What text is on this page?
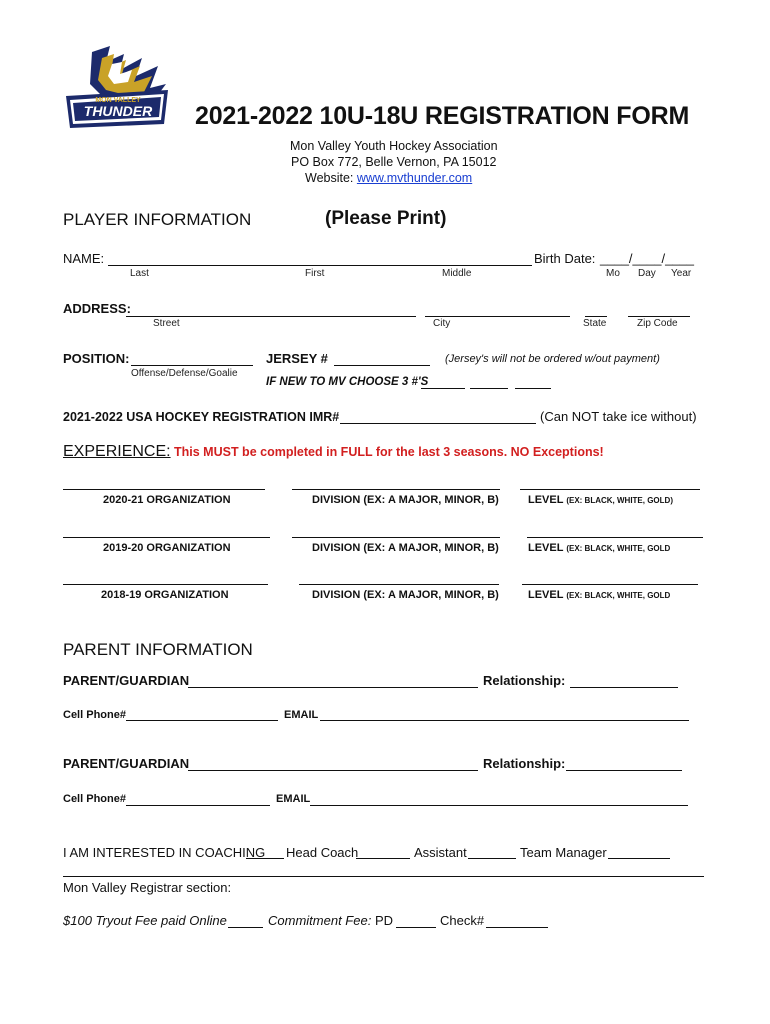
MON VALLEY
THUNDER 2021-2022 10U-18U REGISTRATION FORM
Mon Valley Youth Hockey Association
PO Box 772, Belle Vernon, PA 15012
Website: www.mvthunder.com
PLAYER INFORMATION	(Please Print)
NAME:	Birth Date: ____/____/____
Last	First	Middle	Mo Day Year
ADDRESS:
Street	City	State	Zip Code
POSITION:
Offense/Defense/Goalie
JERSEY #	(Jersey's will not be ordered w/out payment)
IF NEW TO MV CHOOSE 3 #'S
2021-2022 USA HOCKEY REGISTRATION IMR#	(Can NOT take ice without)
EXPERIENCE: This MUST be completed in FULL for the last 3 seasons. NO Exceptions!
2020-21 ORGANIZATION	DIVISION (EX: A MAJOR, MINOR, B)	LEVEL (EX: BLACK, WHITE, GOLD)
2019-20 ORGANIZATION	DIVISION (EX: A MAJOR, MINOR, B)	LEVEL (EX: BLACK, WHITE, GOLD
2018-19 ORGANIZATION	DIVISION (EX: A MAJOR, MINOR, B)	LEVEL (EX: BLACK, WHITE, GOLD
PARENT INFORMATION
PARENT/GUARDIAN	Relationship:
Cell Phone#	EMAIL
PARENT/GUARDIAN	Relationship:
Cell Phone#	EMAIL
I AM INTERESTED IN COACHING Head Coach	Assistant	Team Manager
Mon Valley Registrar section:
$100 Tryout Fee paid Online	Commitment Fee: PD	Check#
